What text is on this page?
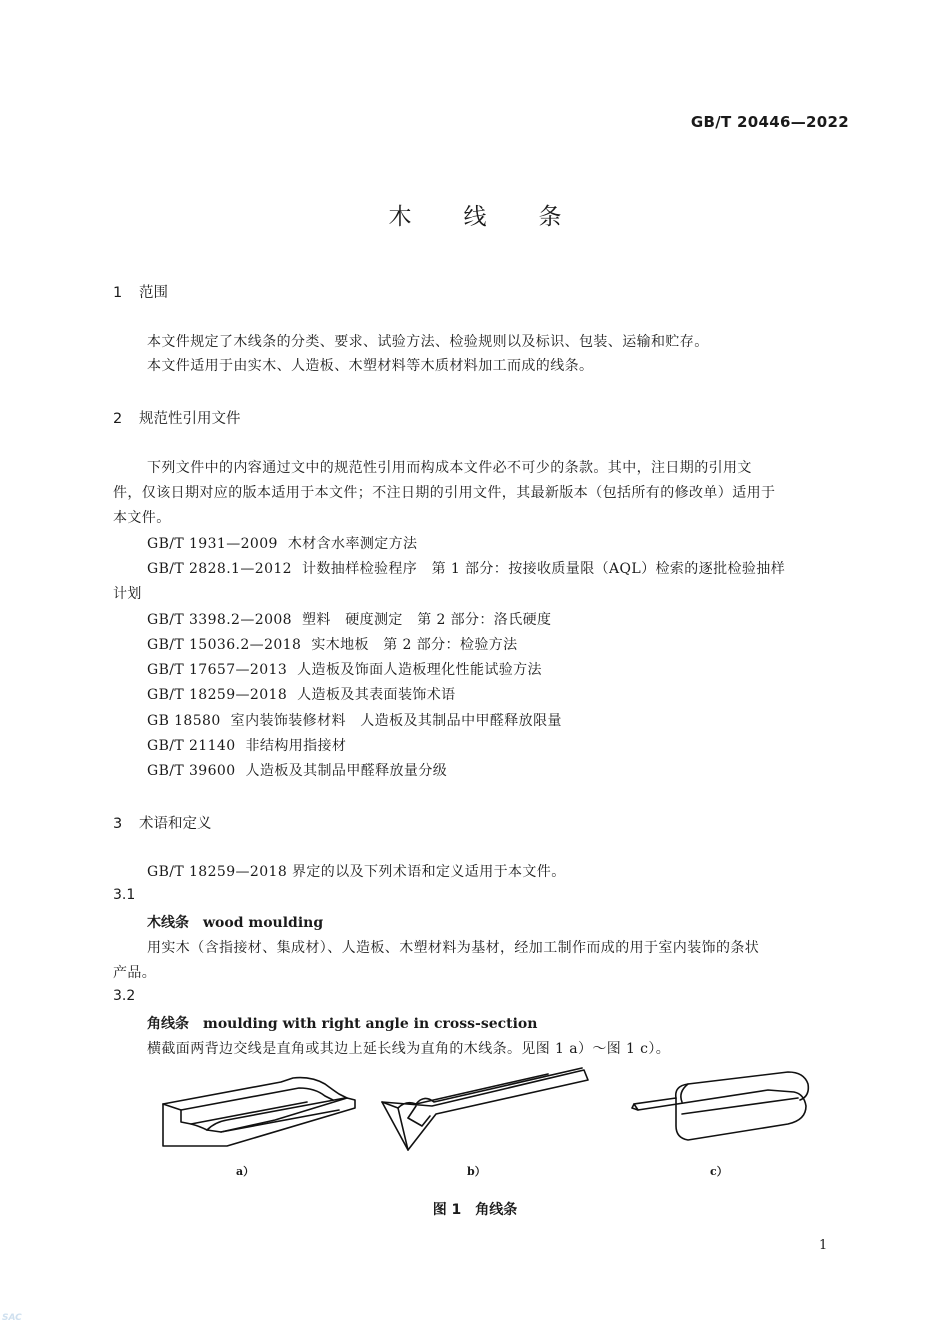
GB/T 20446—2022
木线条
1 范围
本文件规定了木线条的分类、要求、试验方法、检验规则以及标识、包装、运输和贮存。
本文件适用于由实木、人造板、木塑材料等木质材料加工而成的线条。
2 规范性引用文件
下列文件中的内容通过文中的规范性引用而构成本文件必不可少的条款。其中，注日期的引用文
件，仅该日期对应的版本适用于本文件；不注日期的引用文件，其最新版本（包括所有的修改单）适用于
本文件。
GB/T 1931—2009 木材含水率测定方法
GB/T 2828.1—2012 计数抽样检验程序　第 1 部分：按接收质量限（AQL）检索的逐批检验抽样
计划
GB/T 3398.2—2008 塑料　硬度测定　第 2 部分：洛氏硬度
GB/T 15036.2—2018 实木地板　第 2 部分：检验方法
GB/T 17657—2013 人造板及饰面人造板理化性能试验方法
GB/T 18259—2018 人造板及其表面装饰术语
GB 18580 室内装饰装修材料　人造板及其制品中甲醛释放限量
GB/T 21140 非结构用指接材
GB/T 39600 人造板及其制品甲醛释放量分级
3 术语和定义
GB/T 18259—2018 界定的以及下列术语和定义适用于本文件。
3.1
木线条 wood moulding
用实木（含指接材、集成材）、人造板、木塑材料为基材，经加工制作而成的用于室内装饰的条状
产品。
3.2
角线条 moulding with right angle in cross-section
横截面两背边交线是直角或其边上延长线为直角的木线条。见图 1 a）～图 1 c）。
a）	b）	c）
图 1　角线条
1
SAC
